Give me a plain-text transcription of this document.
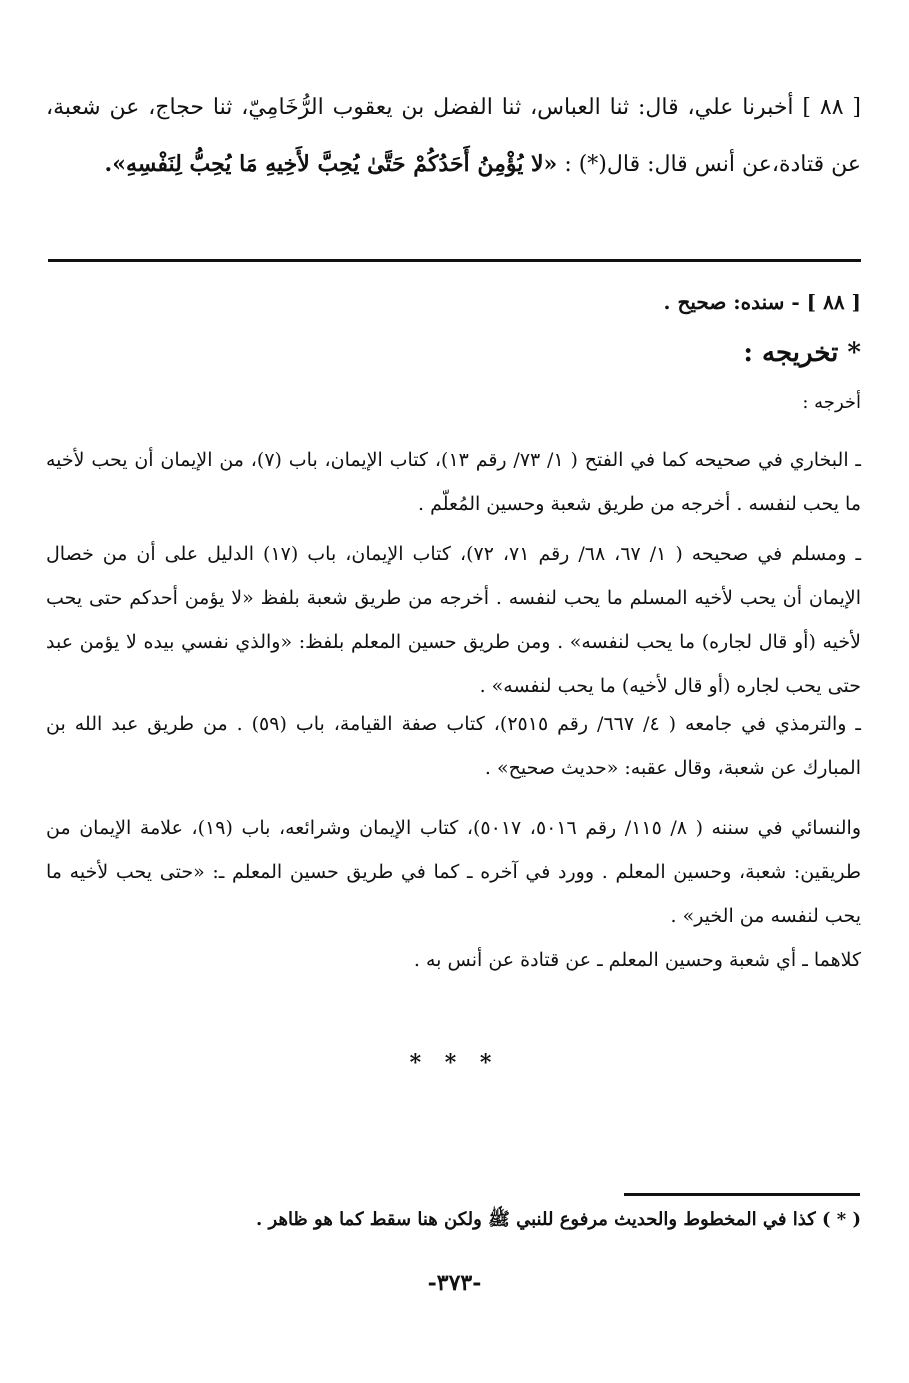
[ ٨٨ ] أخبرنا علي، قال: ثنا العباس، ثنا الفضل بن يعقوب الرُّخَامِيّ، ثنا حجاج، عن شعبة، عن قتادة،عن أنس قال: قال(*) : «لا يُؤْمِنُ أَحَدُكُمْ حَتَّىٰ يُحِبَّ لأَخِيهِ مَا يُحِبُّ لِنَفْسِهِ».
[ ٨٨ ] - سنده: صحيح .
* تخريجه :
أخرجه :
ـ البخاري في صحيحه كما في الفتح ( ١/ ٧٣/ رقم ١٣)، كتاب الإيمان، باب (٧)، من الإيمان أن يحب لأخيه ما يحب لنفسه . أخرجه من طريق شعبة وحسين المُعلّم .
ـ ومسلم في صحيحه ( ١/ ٦٧، ٦٨/ رقم ٧١، ٧٢)، كتاب الإيمان، باب (١٧) الدليل على أن من خصال الإيمان أن يحب لأخيه المسلم ما يحب لنفسه . أخرجه من طريق شعبة بلفظ «لا يؤمن أحدكم حتى يحب لأخيه (أو قال لجاره) ما يحب لنفسه» . ومن طريق حسين المعلم بلفظ: «والذي نفسي بيده لا يؤمن عبد حتى يحب لجاره (أو قال لأخيه) ما يحب لنفسه» .
ـ والترمذي في جامعه ( ٤/ ٦٦٧/ رقم ٢٥١٥)، كتاب صفة القيامة، باب (٥٩) . من طريق عبد الله بن المبارك عن شعبة، وقال عقبه: «حديث صحيح» .
والنسائي في سننه ( ٨/ ١١٥/ رقم ٥٠١٦، ٥٠١٧)، كتاب الإيمان وشرائعه، باب (١٩)، علامة الإيمان من طريقين: شعبة، وحسين المعلم . وورد في آخره ـ كما في طريق حسين المعلم ـ: «حتى يحب لأخيه ما يحب لنفسه من الخير» .
كلاهما ـ أي شعبة وحسين المعلم ـ عن قتادة عن أنس به .
* * *
( * ) كذا في المخطوط والحديث مرفوع للنبي ﷺ ولكن هنا سقط كما هو ظاهر .
-٣٧٣-
